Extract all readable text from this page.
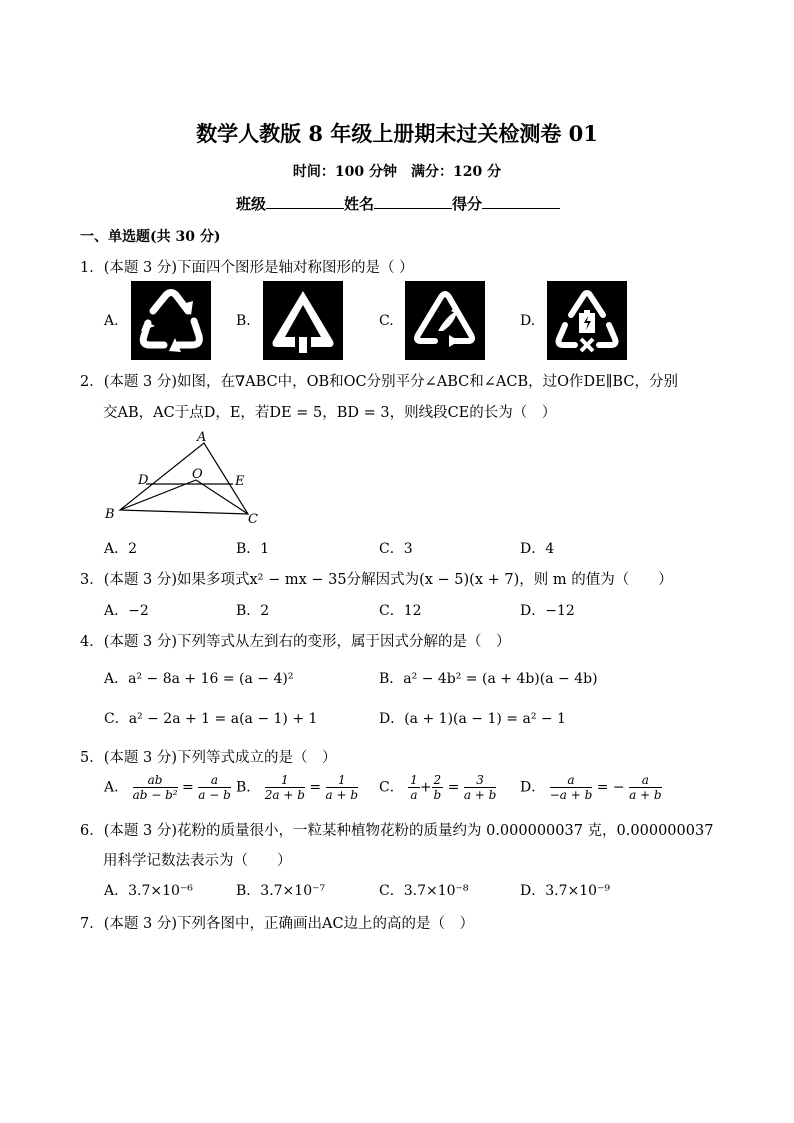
数学人教版 8 年级上册期末过关检测卷 01
时间：100 分钟　满分：120 分
班级	姓名	得分
一、单选题(共 30 分)
1．(本题 3 分)下面四个图形是轴对称图形的是（ ）
A.	B.	C.	D.
2．(本题 3 分)如图，在∇ABC中，OB和OC分别平分∠ABC和∠ACB，过O作DE∥BC，分别
交AB，AC于点D，E，若DE = 5，BD = 3，则线段CE的长为（　）
A
B	C
D	E
O
A．2	B．1	C．3	D．4
3．(本题 3 分)如果多项式x² − mx − 35分解因式为(x − 5)(x + 7)，则 m 的值为（　　）
A．−2	B．2	C．12	D．−12
4．(本题 3 分)下列等式从左到右的变形，属于因式分解的是（　）
A．a² − 8a + 16 = (a − 4)²	B．a² − 4b² = (a + 4b)(a − 4b)
C．a² − 2a + 1 = a(a − 1) + 1	D．(a + 1)(a − 1) = a² − 1
5．(本题 3 分)下列等式成立的是（　）
A． $\frac{ab}{\text{ab − b²}} = \frac{a}{a - b}$ B． $\frac{1}{2a + b} = \frac{1}{a + b}$ C． $\frac{1}{a} + \frac{2}{b} = \frac{3}{a + b}$ D． $\frac{a}{-a + b}$ = − $\frac{a}{a + b}$
6．(本题 3 分)花粉的质量很小，一粒某种植物花粉的质量约为 0.000000037 克，0.000000037
用科学记数法表示为（　　）
A．3.7×10⁻⁶	B．3.7×10⁻⁷	C．3.7×10⁻⁸	D．3.7×10⁻⁹
7．(本题 3 分)下列各图中，正确画出AC边上的高的是（　）
